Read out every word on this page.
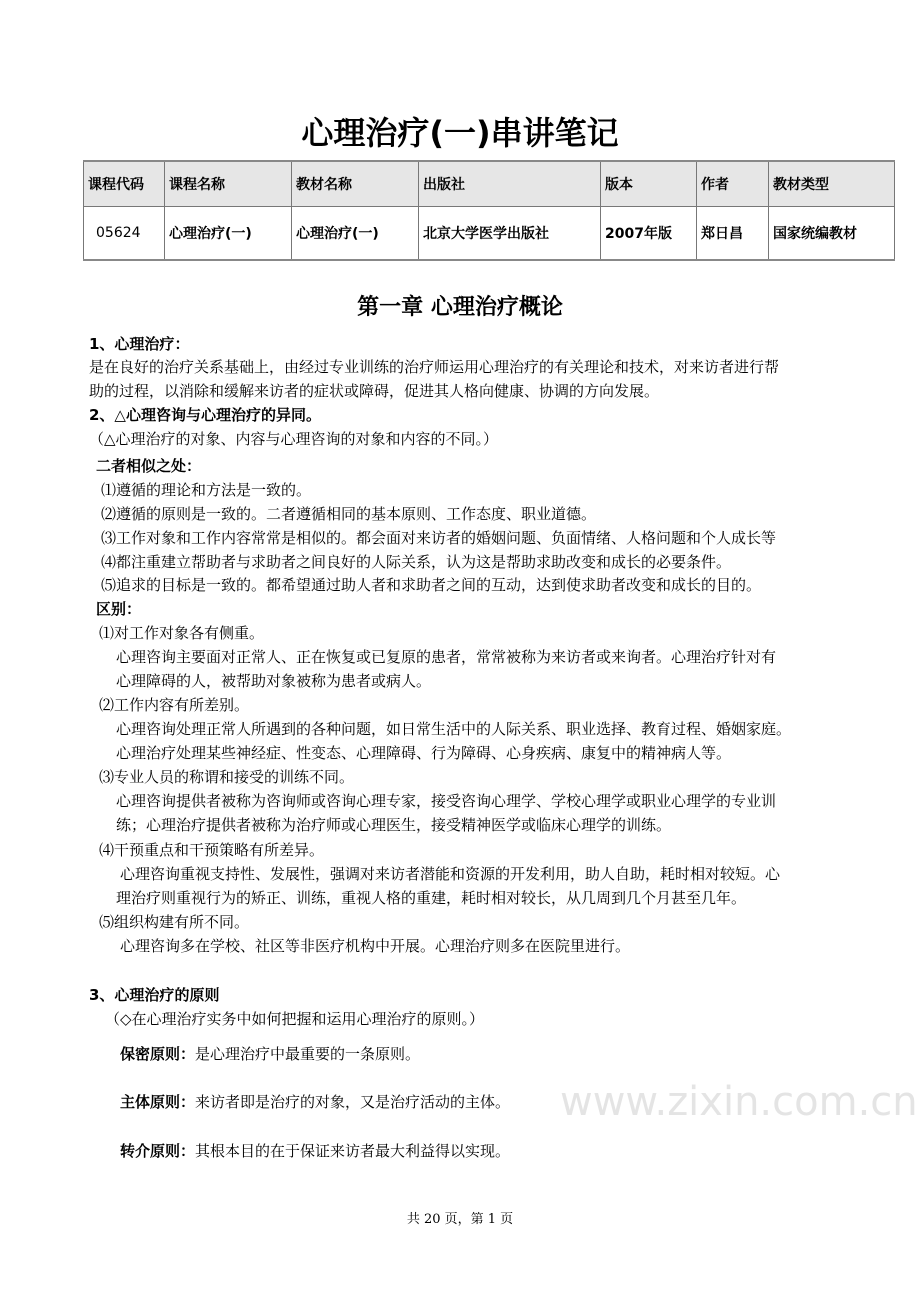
www.zixin.com.cn
心理治疗(一)串讲笔记
课程代码	课程名称	教材名称	出版社	版本	作者	教材类型
05624	心理治疗(一)	心理治疗(一)	北京大学医学出版社	2007年版	郑日昌	国家统编教材
第一章 心理治疗概论
1、心理治疗：
是在良好的治疗关系基础上，由经过专业训练的治疗师运用心理治疗的有关理论和技术，对来访者进行帮
助的过程，以消除和缓解来访者的症状或障碍，促进其人格向健康、协调的方向发展。
2、△心理咨询与心理治疗的异同。
（△心理治疗的对象、内容与心理咨询的对象和内容的不同。）
二者相似之处：
⑴遵循的理论和方法是一致的。
⑵遵循的原则是一致的。二者遵循相同的基本原则、工作态度、职业道德。
⑶工作对象和工作内容常常是相似的。都会面对来访者的婚姻问题、负面情绪、人格问题和个人成长等
⑷都注重建立帮助者与求助者之间良好的人际关系，认为这是帮助求助改变和成长的必要条件。
⑸追求的目标是一致的。都希望通过助人者和求助者之间的互动，达到使求助者改变和成长的目的。
区别：
⑴对工作对象各有侧重。
心理咨询主要面对正常人、正在恢复或已复原的患者，常常被称为来访者或来询者。心理治疗针对有
心理障碍的人，被帮助对象被称为患者或病人。
⑵工作内容有所差别。
心理咨询处理正常人所遇到的各种问题，如日常生活中的人际关系、职业选择、教育过程、婚姻家庭。
心理治疗处理某些神经症、性变态、心理障碍、行为障碍、心身疾病、康复中的精神病人等。
⑶专业人员的称谓和接受的训练不同。
心理咨询提供者被称为咨询师或咨询心理专家，接受咨询心理学、学校心理学或职业心理学的专业训
练；心理治疗提供者被称为治疗师或心理医生，接受精神医学或临床心理学的训练。
⑷干预重点和干预策略有所差异。
心理咨询重视支持性、发展性，强调对来访者潜能和资源的开发利用，助人自助，耗时相对较短。心
理治疗则重视行为的矫正、训练，重视人格的重建，耗时相对较长，从几周到几个月甚至几年。
⑸组织构建有所不同。
心理咨询多在学校、社区等非医疗机构中开展。心理治疗则多在医院里进行。
3、心理治疗的原则
（◇在心理治疗实务中如何把握和运用心理治疗的原则。）
保密原则：是心理治疗中最重要的一条原则。
主体原则：来访者即是治疗的对象，又是治疗活动的主体。
转介原则：其根本目的在于保证来访者最大利益得以实现。
共 20 页，第 1 页
